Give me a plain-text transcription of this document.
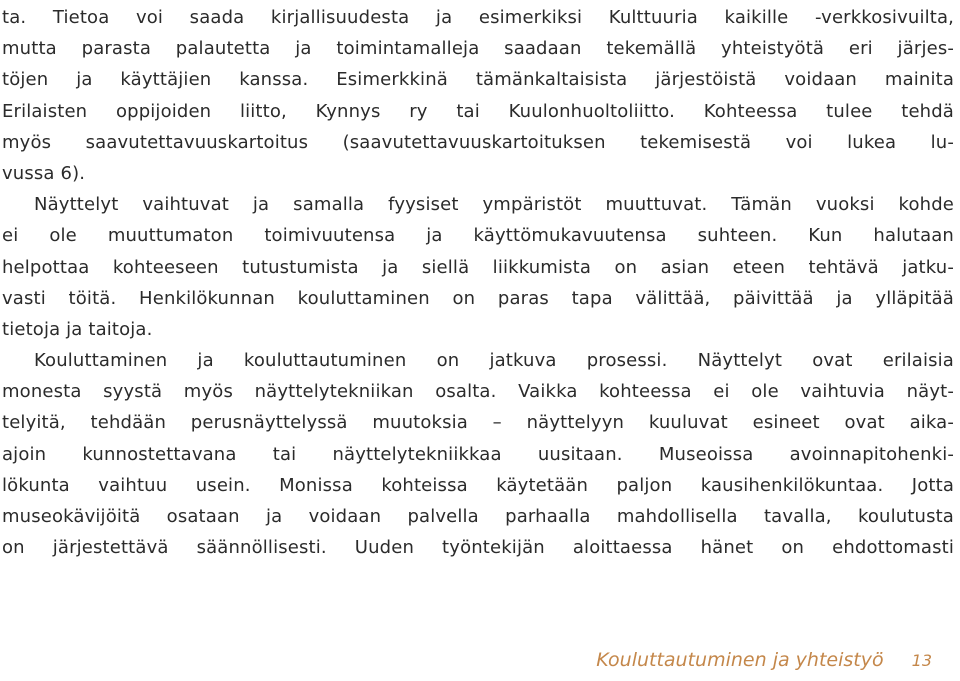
ta. Tietoa voi saada kirjallisuudesta ja esimerkiksi Kulttuuria kaikille -verkkosivuilta,
mutta parasta palautetta ja toimintamalleja saadaan tekemällä yhteistyötä eri järjes-
töjen ja käyttäjien kanssa. Esimerkkinä tämänkaltaisista järjestöistä voidaan mainita
Erilaisten oppijoiden liitto, Kynnys ry tai Kuulonhuoltoliitto. Kohteessa tulee tehdä
myös saavutettavuuskartoitus (saavutettavuuskartoituksen tekemisestä voi lukea lu-
vussa 6).
Näyttelyt vaihtuvat ja samalla fyysiset ympäristöt muuttuvat. Tämän vuoksi kohde
ei ole muuttumaton toimivuutensa ja käyttömukavuutensa suhteen. Kun halutaan
helpottaa kohteeseen tutustumista ja siellä liikkumista on asian eteen tehtävä jatku-
vasti töitä. Henkilökunnan kouluttaminen on paras tapa välittää, päivittää ja ylläpitää
tietoja ja taitoja.
Kouluttaminen ja kouluttautuminen on jatkuva prosessi. Näyttelyt ovat erilaisia
monesta syystä myös näyttelytekniikan osalta. Vaikka kohteessa ei ole vaihtuvia näyt-
telyitä, tehdään perusnäyttelyssä muutoksia – näyttelyyn kuuluvat esineet ovat aika-
ajoin kunnostettavana tai näyttelytekniikkaa uusitaan. Museoissa avoinnapitohenki-
lökunta vaihtuu usein. Monissa kohteissa käytetään paljon kausihenkilökuntaa. Jotta
museokävijöitä osataan ja voidaan palvella parhaalla mahdollisella tavalla, koulutusta
on järjestettävä säännöllisesti. Uuden työntekijän aloittaessa hänet on ehdottomasti
Kouluttautuminen ja yhteistyö 13
